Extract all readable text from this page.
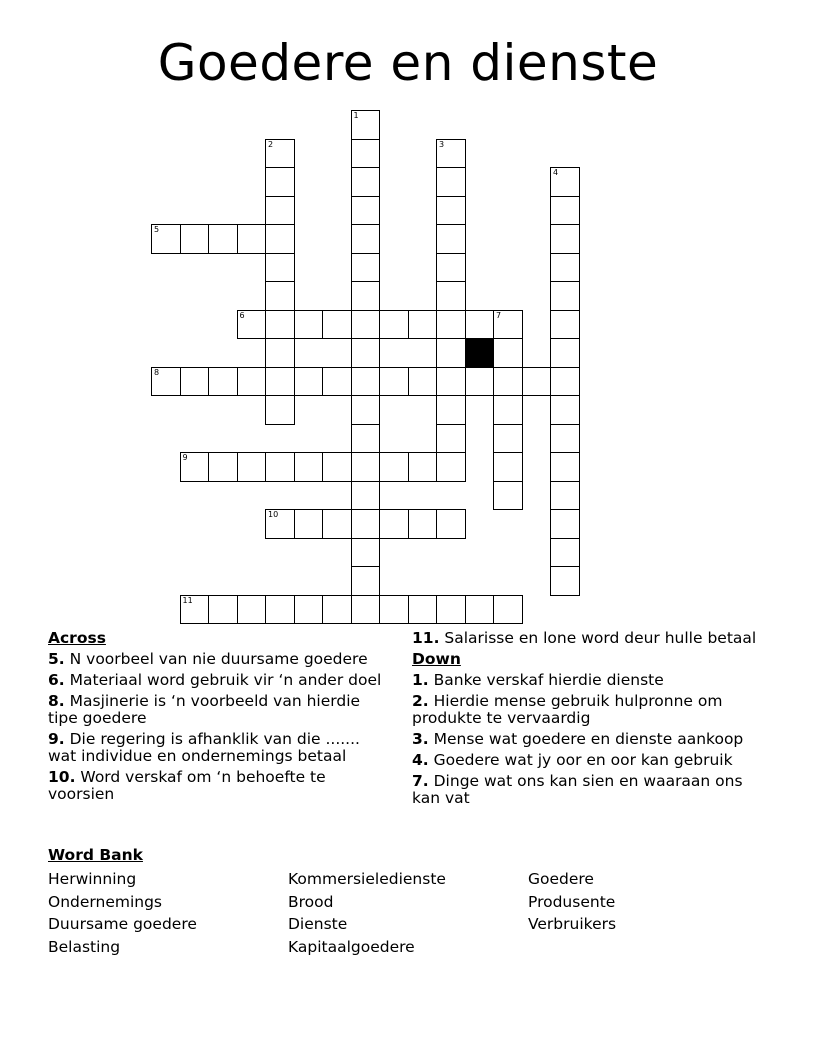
Goedere en dienste
1
2	3
4
5
6	7
8
9
10
11
Across
5. N voorbeel van nie duursame goedere
6. Materiaal word gebruik vir ‘n ander doel
8. Masjinerie is ‘n voorbeeld van hierdie tipe goedere
9. Die regering is afhanklik van die ....... wat individue en ondernemings betaal
10. Word verskaf om ‘n behoefte te voorsien
11. Salarisse en lone word deur hulle betaal
Down
1. Banke verskaf hierdie dienste
2. Hierdie mense gebruik hulpronne om produkte te vervaardig
3. Mense wat goedere en dienste aankoop
4. Goedere wat jy oor en oor kan gebruik
7. Dinge wat ons kan sien en waaraan ons kan vat
Word Bank
Herwinning
Ondernemings
Duursame goedere
Belasting
Kommersieledienste
Brood
Dienste
Kapitaalgoedere
Goedere
Produsente
Verbruikers
